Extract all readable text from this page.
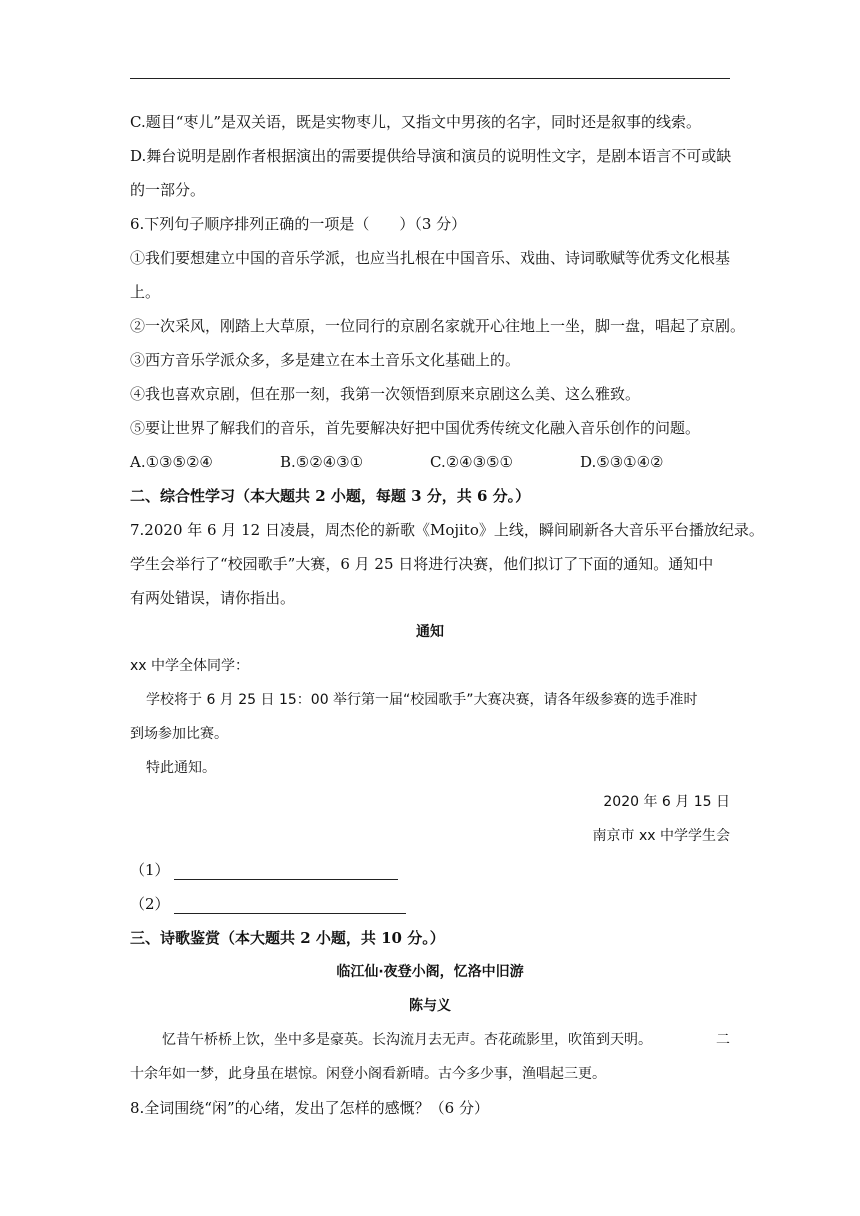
C.题目“枣儿”是双关语，既是实物枣儿，又指文中男孩的名字，同时还是叙事的线索。
D.舞台说明是剧作者根据演出的需要提供给导演和演员的说明性文字，是剧本语言不可或缺
的一部分。
6.下列句子顺序排列正确的一项是（　　）（3 分）
①我们要想建立中国的音乐学派，也应当扎根在中国音乐、戏曲、诗词歌赋等优秀文化根基
上。
②一次采风，刚踏上大草原，一位同行的京剧名家就开心往地上一坐，脚一盘，唱起了京剧。
③西方音乐学派众多，多是建立在本土音乐文化基础上的。
④我也喜欢京剧，但在那一刻，我第一次领悟到原来京剧这么美、这么雅致。
⑤要让世界了解我们的音乐，首先要解决好把中国优秀传统文化融入音乐创作的问题。
A.①③⑤②④	B.⑤②④③①	C.②④③⑤①	D.⑤③①④②
二、综合性学习（本大题共 2 小题，每题 3 分，共 6 分。）
7.2020 年 6 月 12 日凌晨，周杰伦的新歌《Mojito》上线，瞬间刷新各大音乐平台播放纪录。
学生会举行了“校园歌手”大赛，6 月 25 日将进行决赛，他们拟订了下面的通知。通知中
有两处错误，请你指出。
通知
xx 中学全体同学：
学校将于 6 月 25 日 15：00 举行第一届“校园歌手”大赛决赛，请各年级参赛的选手准时
到场参加比赛。
特此通知。
2020 年 6 月 15 日
南京市 xx 中学学生会
（1）
（2）
三、诗歌鉴赏（本大题共 2 小题，共 10 分。）
临江仙·夜登小阁，忆洛中旧游
陈与义
忆昔午桥桥上饮，坐中多是豪英。长沟流月去无声。杏花疏影里，吹笛到天明。	二
十余年如一梦，此身虽在堪惊。闲登小阁看新晴。古今多少事，渔唱起三更。
8.全词围绕“闲”的心绪，发出了怎样的感慨？（6 分）
